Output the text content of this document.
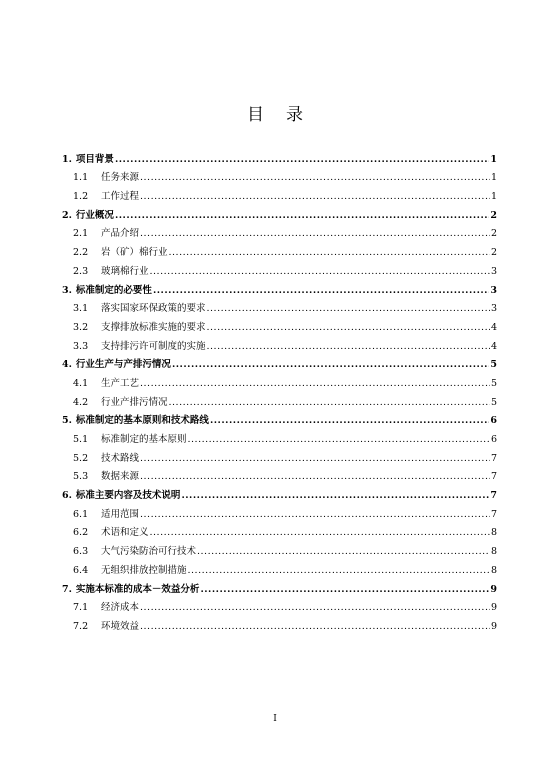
目 录
1. 项目背景 .....	1
1.1	任务来源 .....	1
1.2	工作过程 .....	1
2. 行业概况 .....	2
2.1	产品介绍 .....	2
2.2	岩（矿）棉行业 .....	2
2.3	玻璃棉行业 .....	3
3. 标准制定的必要性 .....	3
3.1	落实国家环保政策的要求 .....	3
3.2	支撑排放标准实施的要求 .....	4
3.3	支持排污许可制度的实施 .....	4
4. 行业生产与产排污情况 .....	5
4.1	生产工艺 .....	5
4.2	行业产排污情况 .....	5
5. 标准制定的基本原则和技术路线 .....	6
5.1	标准制定的基本原则 .....	6
5.2	技术路线 .....	7
5.3	数据来源 .....	7
6. 标准主要内容及技术说明 .....	7
6.1	适用范围 .....	7
6.2	术语和定义 .....	8
6.3	大气污染防治可行技术 .....	8
6.4	无组织排放控制措施 .....	8
7. 实施本标准的成本－效益分析 .....	9
7.1	经济成本 .....	9
7.2	环境效益 .....	9
I
